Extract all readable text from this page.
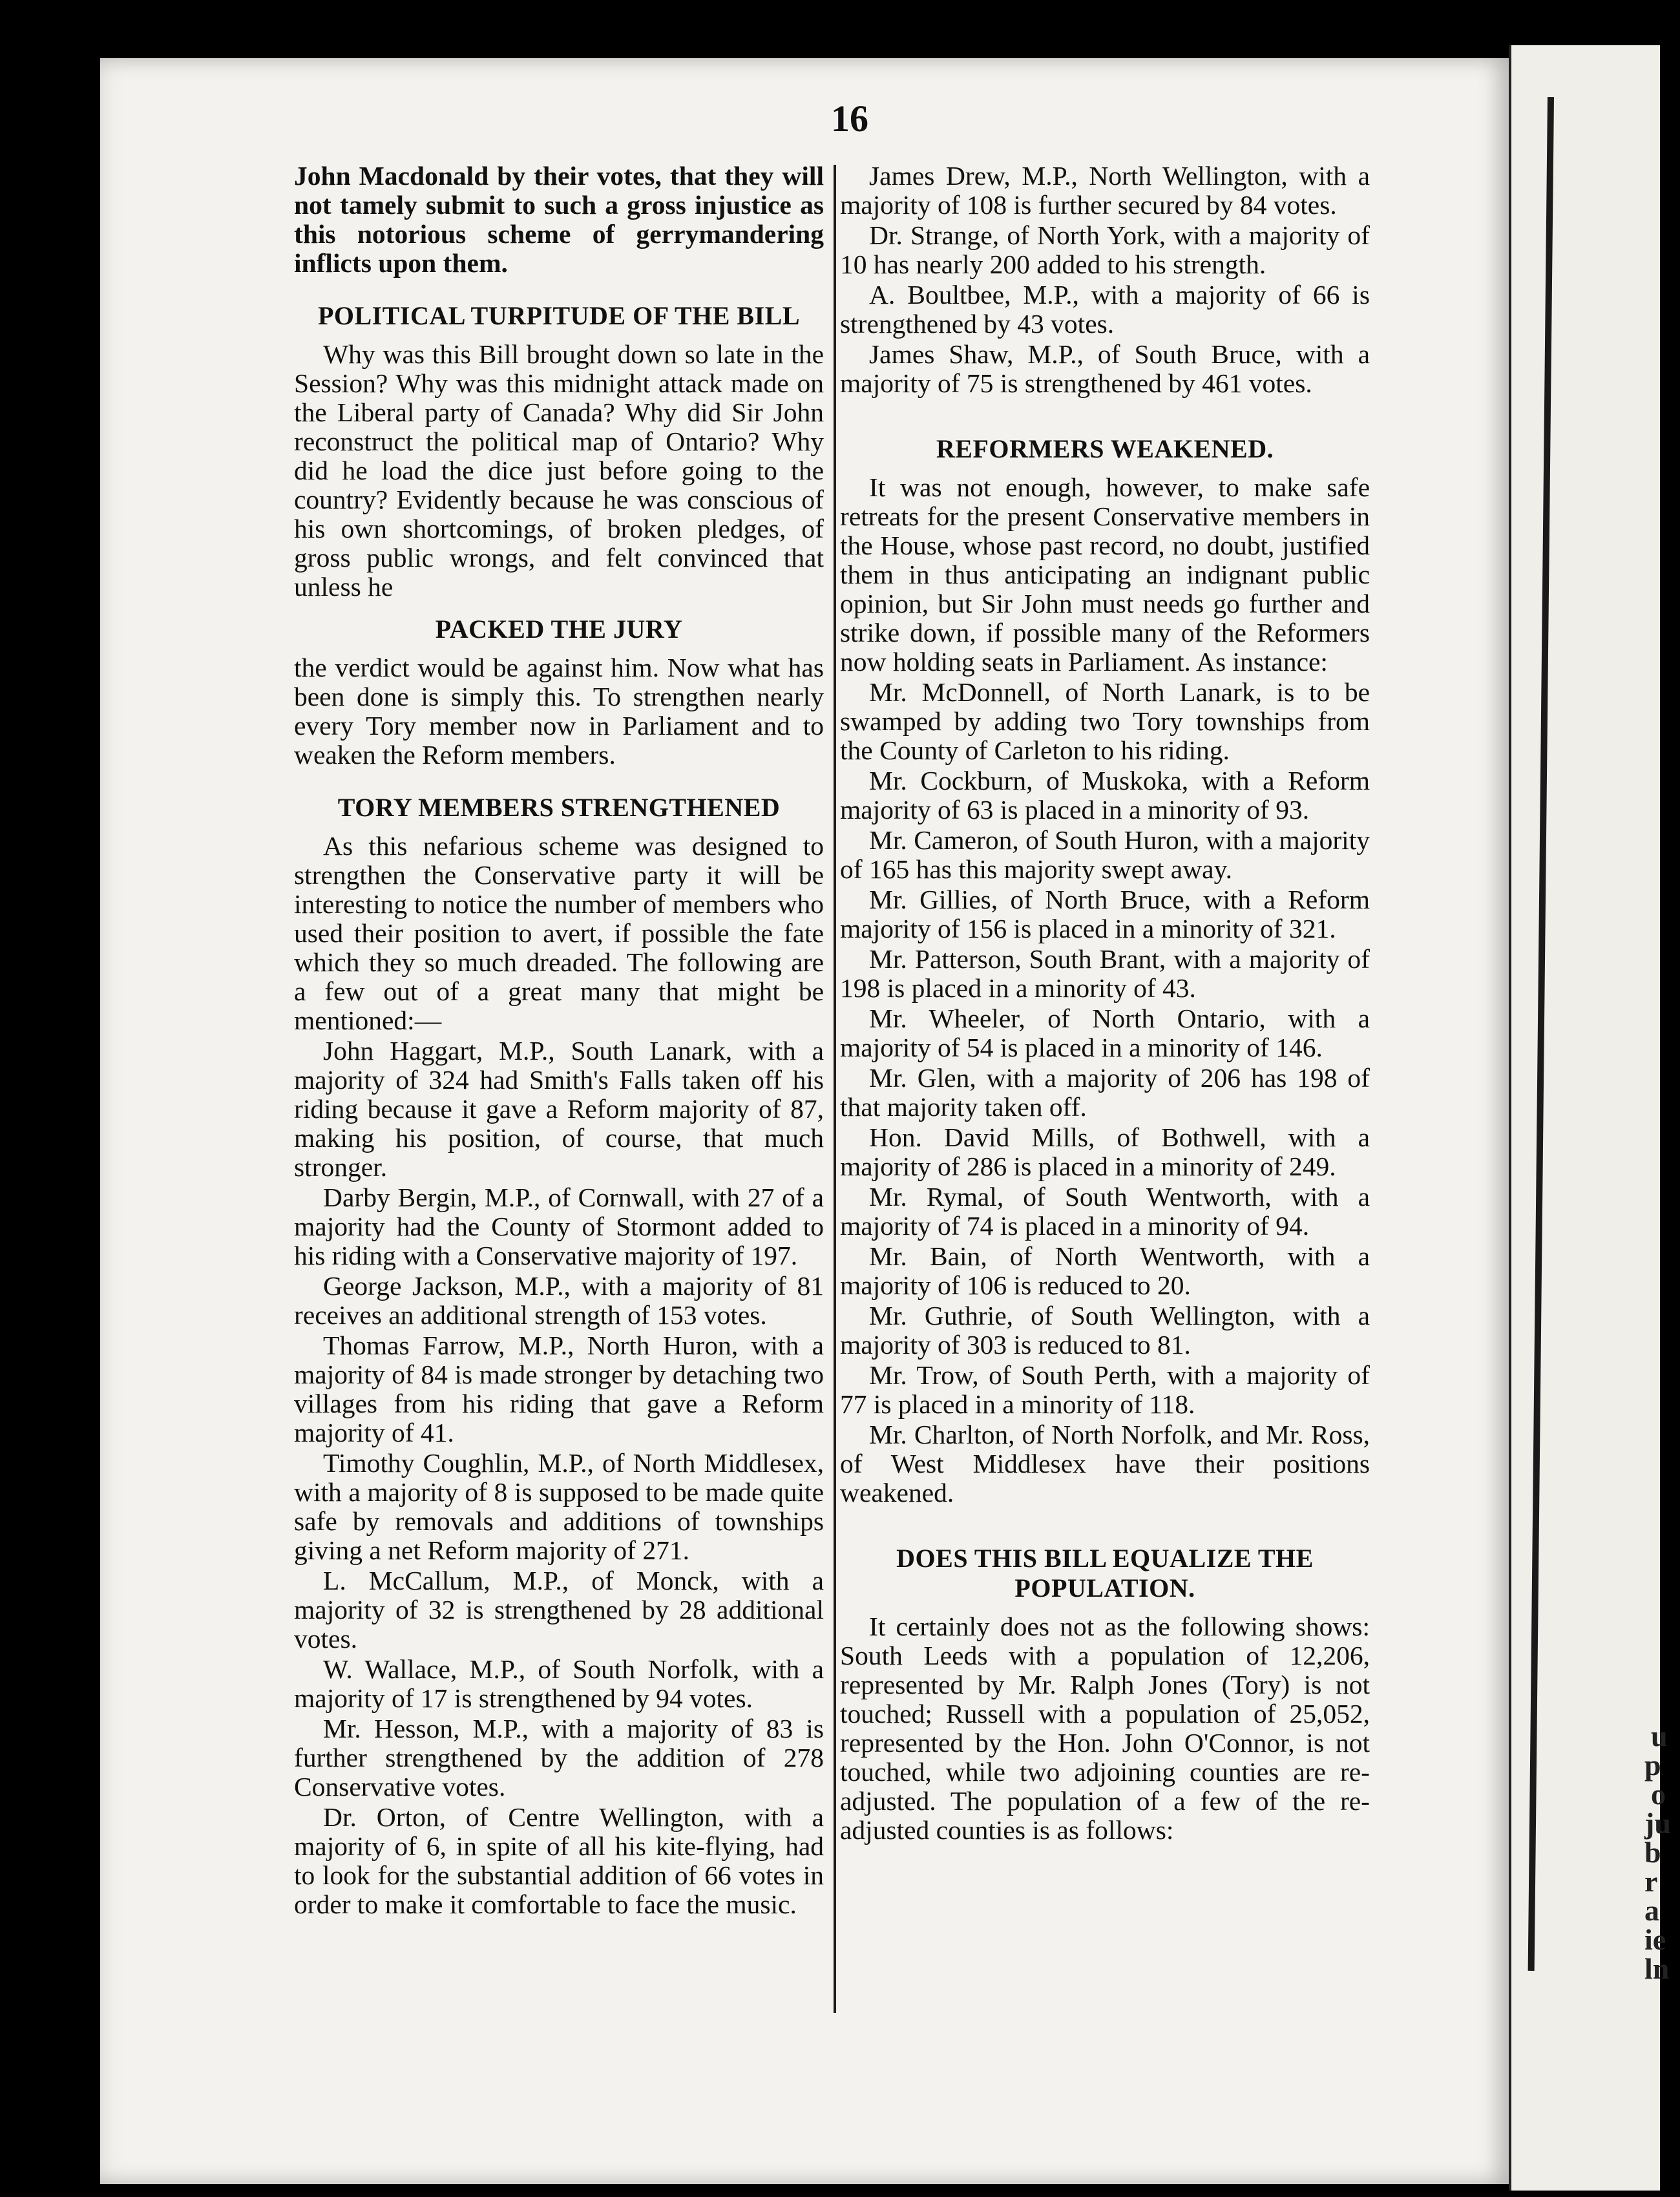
u
p
o
ju
b
r
a
ie
ln
16

John Macdonald by their votes, that they will not tamely submit to such a gross injustice as this notorious scheme of gerrymandering inflicts upon them.

POLITICAL TURPITUDE OF THE BILL

Why was this Bill brought down so late in the Session? Why was this midnight attack made on the Liberal party of Canada? Why did Sir John reconstruct the political map of Ontario? Why did he load the dice just before going to the country? Evidently because he was conscious of his own shortcomings, of broken pledges, of gross public wrongs, and felt convinced that unless he

PACKED THE JURY

the verdict would be against him. Now what has been done is simply this. To strengthen nearly every Tory member now in Parliament and to weaken the Reform members.

TORY MEMBERS STRENGTHENED

As this nefarious scheme was designed to strengthen the Conservative party it will be interesting to notice the number of members who used their position to avert, if possible the fate which they so much dreaded. The following are a few out of a great many that might be mentioned:—

John Haggart, M.P., South Lanark, with a majority of 324 had Smith's Falls taken off his riding because it gave a Reform majority of 87, making his position, of course, that much stronger.

Darby Bergin, M.P., of Cornwall, with 27 of a majority had the County of Stormont added to his riding with a Conservative majority of 197.

George Jackson, M.P., with a majority of 81 receives an additional strength of 153 votes.

Thomas Farrow, M.P., North Huron, with a majority of 84 is made stronger by detaching two villages from his riding that gave a Reform majority of 41.

Timothy Coughlin, M.P., of North Middlesex, with a majority of 8 is supposed to be made quite safe by removals and additions of townships giving a net Reform majority of 271.

L. McCallum, M.P., of Monck, with a majority of 32 is strengthened by 28 additional votes.

W. Wallace, M.P., of South Norfolk, with a majority of 17 is strengthened by 94 votes.

Mr. Hesson, M.P., with a majority of 83 is further strengthened by the addition of 278 Conservative votes.

Dr. Orton, of Centre Wellington, with a majority of 6, in spite of all his kite-flying, had to look for the substantial addition of 66 votes in order to make it comfortable to face the music.

James Drew, M.P., North Wellington, with a majority of 108 is further secured by 84 votes.

Dr. Strange, of North York, with a majority of 10 has nearly 200 added to his strength.

A. Boultbee, M.P., with a majority of 66 is strengthened by 43 votes.

James Shaw, M.P., of South Bruce, with a majority of 75 is strengthened by 461 votes.

REFORMERS WEAKENED.

It was not enough, however, to make safe retreats for the present Conservative members in the House, whose past record, no doubt, justified them in thus anticipating an indignant public opinion, but Sir John must needs go further and strike down, if possible many of the Reformers now holding seats in Parliament. As instance:

Mr. McDonnell, of North Lanark, is to be swamped by adding two Tory townships from the County of Carleton to his riding.

Mr. Cockburn, of Muskoka, with a Reform majority of 63 is placed in a minority of 93.

Mr. Cameron, of South Huron, with a majority of 165 has this majority swept away.

Mr. Gillies, of North Bruce, with a Reform majority of 156 is placed in a minority of 321.

Mr. Patterson, South Brant, with a majority of 198 is placed in a minority of 43.

Mr. Wheeler, of North Ontario, with a majority of 54 is placed in a minority of 146.

Mr. Glen, with a majority of 206 has 198 of that majority taken off.

Hon. David Mills, of Bothwell, with a majority of 286 is placed in a minority of 249.

Mr. Rymal, of South Wentworth, with a majority of 74 is placed in a minority of 94.

Mr. Bain, of North Wentworth, with a majority of 106 is reduced to 20.

Mr. Guthrie, of South Wellington, with a majority of 303 is reduced to 81.

Mr. Trow, of South Perth, with a majority of 77 is placed in a minority of 118.

Mr. Charlton, of North Norfolk, and Mr. Ross, of West Middlesex have their positions weakened.

DOES THIS BILL EQUALIZE THE POPULATION.

It certainly does not as the following shows: South Leeds with a population of 12,206, represented by Mr. Ralph Jones (Tory) is not touched; Russell with a population of 25,052, represented by the Hon. John O'Connor, is not touched, while two adjoining counties are re-adjusted. The population of a few of the re-adjusted counties is as follows:
